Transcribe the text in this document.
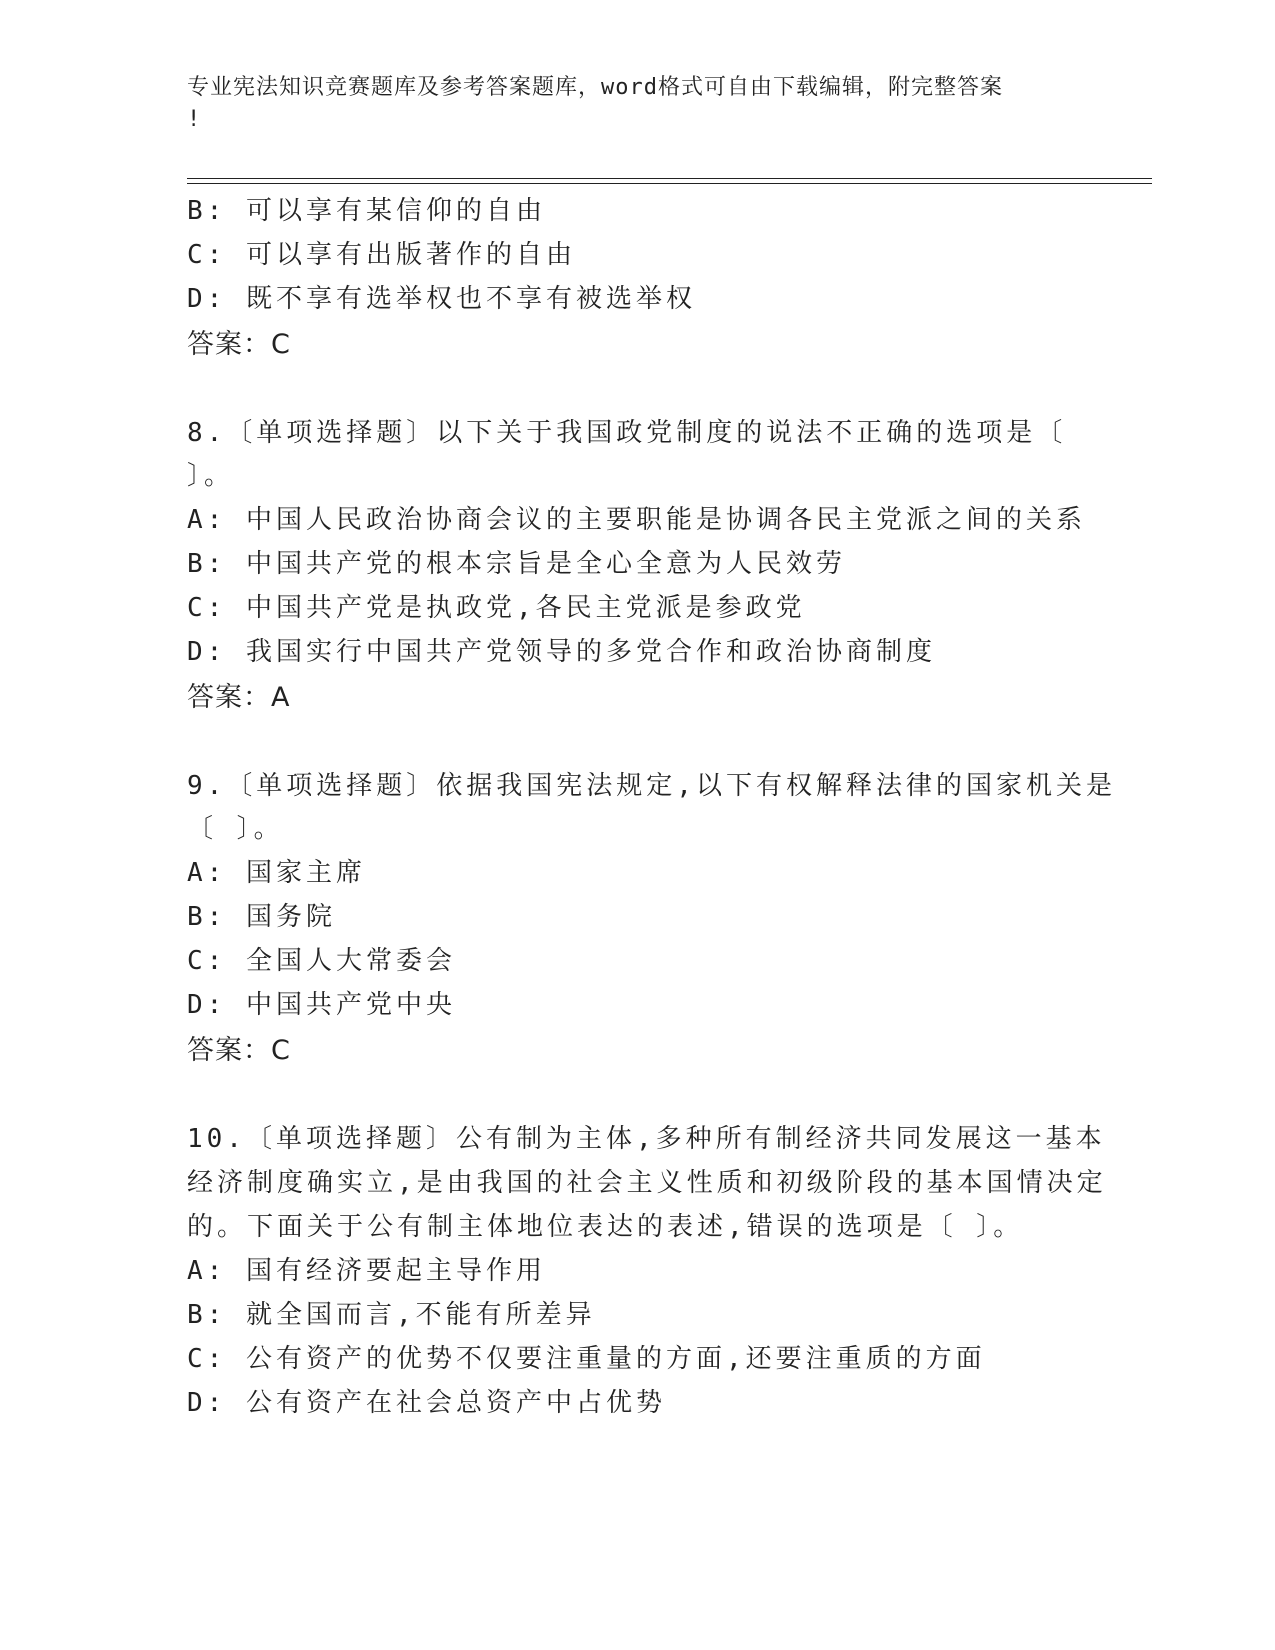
专业宪法知识竞赛题库及参考答案题库，word格式可自由下载编辑，附完整答案
!
B: 可以享有某信仰的自由
C: 可以享有出版著作的自由
D: 既不享有选举权也不享有被选举权
答案：C
8.〔单项选择题〕以下关于我国政党制度的说法不正确的选项是〔
〕。
A: 中国人民政治协商会议的主要职能是协调各民主党派之间的关系
B: 中国共产党的根本宗旨是全心全意为人民效劳
C: 中国共产党是执政党,各民主党派是参政党
D: 我国实行中国共产党领导的多党合作和政治协商制度
答案：A
9.〔单项选择题〕依据我国宪法规定,以下有权解释法律的国家机关是
〔 〕。
A: 国家主席
B: 国务院
C: 全国人大常委会
D: 中国共产党中央
答案：C
10.〔单项选择题〕公有制为主体,多种所有制经济共同发展这一基本
经济制度确实立,是由我国的社会主义性质和初级阶段的基本国情决定
的。下面关于公有制主体地位表达的表述,错误的选项是〔 〕。
A: 国有经济要起主导作用
B: 就全国而言,不能有所差异
C: 公有资产的优势不仅要注重量的方面,还要注重质的方面
D: 公有资产在社会总资产中占优势
